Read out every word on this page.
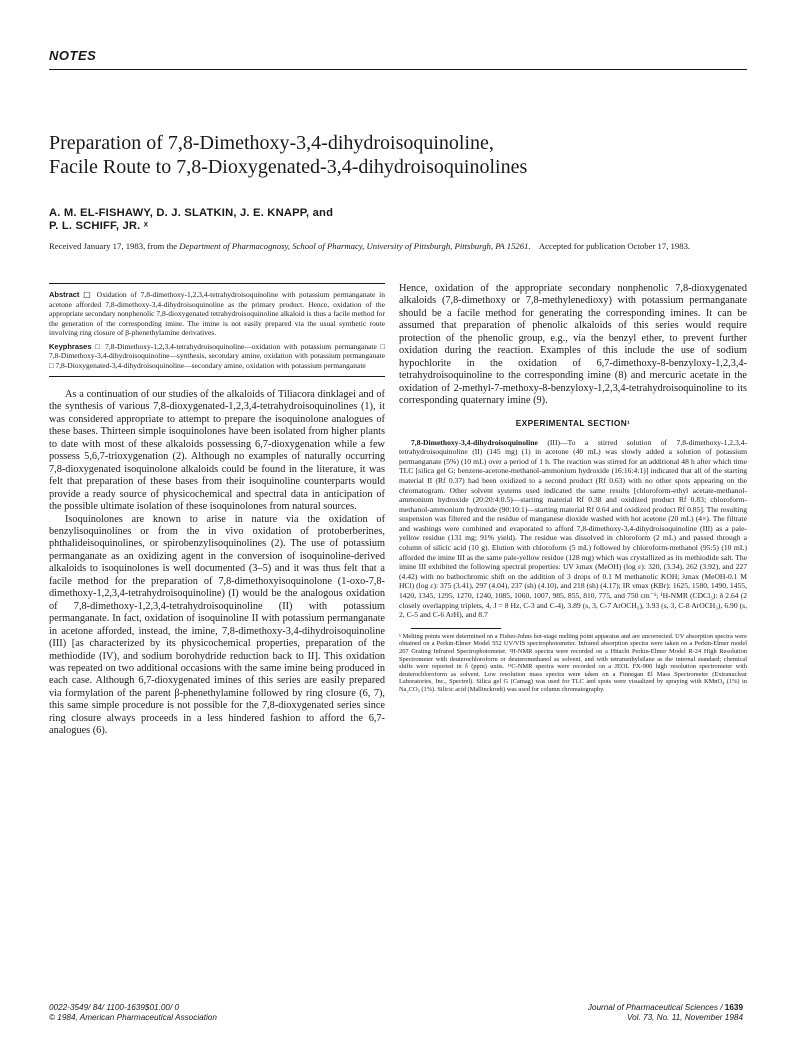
NOTES
Preparation of 7,8-Dimethoxy-3,4-dihydroisoquinoline,
Facile Route to 7,8-Dioxygenated-3,4-dihydroisoquinolines
A. M. EL-FISHAWY, D. J. SLATKIN, J. E. KNAPP, and
P. L. SCHIFF, JR. ˣ
Received January 17, 1983, from the Department of Pharmacognosy, School of Pharmacy, University of Pittsburgh, Pittsburgh, PA 15261.    Accepted for publication October 17, 1983.

Abstract □ Oxidation of 7,8-dimethoxy-1,2,3,4-tetrahydroisoquinoline with potassium permanganate in acetone afforded 7,8-dimethoxy-3,4-dihydroisoquinoline as the primary product. Hence, oxidation of the appropriate secondary nonphenolic 7,8-dioxygenated tetrahydroisoquinoline alkaloid is thus a facile method for the generation of the corresponding imine. The imine is not easily prepared via the usual synthetic route involving ring closure of β-phenethylamine derivatives.

Keyphrases □ 7,8-Dimethoxy-1,2,3,4-tetrahydroisoquinoline—oxidation with potassium permanganate □ 7,8-Dimethoxy-3,4-dihydroisoquinoline—synthesis, secondary amine, oxidation with potassium permanganate □ 7,8-Dioxygenated-3,4-dihydroisoquinoline—secondary amine, oxidation with potassium permanganate

As a continuation of our studies of the alkaloids of Tiliacora dinklagei and of the synthesis of various 7,8-dioxygenated-1,2,3,4-tetrahydroisoquinolines (1), it was considered appropriate to attempt to prepare the isoquinolone analogues of these bases. Thirteen simple isoquinolones have been isolated from higher plants to date with most of these alkaloids possessing 6,7-dioxygenation while a few possess 5,6,7-trioxygenation (2). Although no examples of naturally occurring 7,8-dioxygenated isoquinolone alkaloids could be found in the literature, it was felt that preparation of these bases from their isoquinoline counterparts would provide a ready source of physicochemical and spectral data in anticipation of the possible ultimate isolation of these isoquinolones from natural sources.

Isoquinolones are known to arise in nature via the oxidation of benzylisoquinolines or from the in vivo oxidation of protoberberines, phthalideisoquinolines, or spirobenzylisoquinolines (2). The use of potassium permanganate as an oxidizing agent in the conversion of isoquinoline-derived alkaloids to isoquinolones is well documented (3–5) and it was thus felt that a facile method for the preparation of 7,8-dimethoxyisoquinolone (1-oxo-7,8-dimethoxy-1,2,3,4-tetrahydroisoquinoline) (I) would be the analogous oxidation of 7,8-dimethoxy-1,2,3,4-tetrahydroisoquinoline (II) with potassium permanganate. In fact, oxidation of isoquinoline II with potassium permanganate in acetone afforded, instead, the imine, 7,8-dimethoxy-3,4-dihydroisoquinoline (III) [as characterized by its physicochemical properties, preparation of the methiodide (IV), and sodium borohydride reduction back to II]. This oxidation was repeated on two additional occasions with the same imine being produced in each case. Although 6,7-dioxygenated imines of this series are easily prepared via formylation of the parent β-phenethylamine followed by ring closure (6, 7), this same simple procedure is not possible for the 7,8-dioxygenated series since ring closure always proceeds in a less hindered fashion to afford the 6,7-analogues (6).

Hence, oxidation of the appropriate secondary nonphenolic 7,8-dioxygenated alkaloids (7,8-dimethoxy or 7,8-methylenedioxy) with potassium permanganate should be a facile method for generating the corresponding imines. It can be assumed that preparation of phenolic alkaloids of this series would require protection of the phenolic group, e.g., via the benzyl ether, to prevent further oxidation during the reaction. Examples of this include the use of sodium hypochlorite in the oxidation of 6,7-dimethoxy-8-benzyloxy-1,2,3,4-tetrahydroisoquinoline to the corresponding imine (8) and mercuric acetate in the oxidation of 2-methyl-7-methoxy-8-benzyloxy-1,2,3,4-tetrahydroisoquinoline to its corresponding quaternary imine (9).

EXPERIMENTAL SECTION¹

7,8-Dimethoxy-3,4-dihydroisoquinoline (III)—To a stirred solution of 7,8-dimethoxy-1,2,3,4-tetrahydroisoquinoline (II) (145 mg) (1) in acetone (40 mL) was slowly added a solution of potassium permanganate (5%) (10 mL) over a period of 1 h. The reaction was stirred for an additional 48 h after which time TLC [silica gel G; benzene-acetone-methanol-ammonium hydroxide (16:16:4:1)] indicated that all of the starting material II (Rf 0.37) had been oxidized to a second product (Rf 0.63) with no other spots appearing on the chromatogram. Other solvent systems used indicated the same results [chloroform-ethyl acetate-methanol-ammonium hydroxide (20:20:4:0.5)—starting material Rf 0.38 and oxidized product Rf 0.83; chloroform-methanol-ammonium hydroxide (90:10:1)—starting material Rf 0.64 and oxidized product Rf 0.85]. The resulting suspension was filtered and the residue of manganese dioxide washed with hot acetone (20 mL) (4×). The filtrate and washings were combined and evaporated to afford 7,8-dimethoxy-3,4-dihydroisoquinoline (III) as a pale-yellow residue (131 mg; 91% yield). The residue was dissolved in chloroform (2 mL) and passed through a column of silicic acid (10 g). Elution with chloroform (5 mL) followed by chloroform-methanol (95:5) (10 mL) afforded the imine III as the same pale-yellow residue (128 mg) which was crystallized as its methiodide salt. The imine III exhibited the following spectral properties: UV λmax (MeOH) (log ε): 320, (3.34), 262 (3.92), and 227 (4.42) with no bathochromic shift on the addition of 3 drops of 0.1 M methanolic KOH; λmax (MeOH-0.1 M HCl) (log ε): 375 (3.41), 297 (4.04), 237 (sh) (4.10), and 218 (sh) (4.17); IR νmax (KBr): 1625, 1580, 1490, 1455, 1420, 1345, 1295, 1270, 1240, 1085, 1060, 1007, 985, 855, 810, 775, and 750 cm⁻¹; ¹H-NMR (CDCl₃): δ 2.64 (2 closely overlapping triplets, 4, J = 8 Hz, C-3 and C-4), 3.89 (s, 3, C-7 ArOCH₃), 3.93 (s, 3, C-8 ArOCH₃), 6.90 (s, 2, C-5 and C-6 ArH), and 8.7

¹ Melting points were determined on a Fisher-Johns hot-stage melting point apparatus and are uncorrected. UV absorption spectra were obtained on a Perkin-Elmer Model 552 UV/VIS spectrophotometer. Infrared absorption spectra were taken on a Perkin-Elmer model 267 Grating Infrared Spectrophotometer. ¹H-NMR spectra were recorded on a Hitachi Perkin-Elmer Model R-24 High Resolution Spectrometer with deuterochloroform or deuteromethanol as solvent, and with tetramethylsilane as the internal standard; chemical shifts were reported in δ (ppm) units. ¹³C-NMR spectra were recorded on a JEOL FX-900 high resolution spectrometer with deuterochloroform as solvent. Low resolution mass spectra were taken on a Finnegan El Mass Spectrometer (Extranuclear Laboratories, Inc., Spectrel). Silica gel G (Camag) was used for TLC and spots were visualized by spraying with KMnO₄ (1%) in Na₂CO₃ (1%). Silicic acid (Mallinckrodt) was used for column chromatography.

0022-3549/ 84/ 1100-1639$01.00/ 0
© 1984, American Pharmaceutical Association
Journal of Pharmaceutical Sciences / 1639
Vol. 73, No. 11, November 1984
